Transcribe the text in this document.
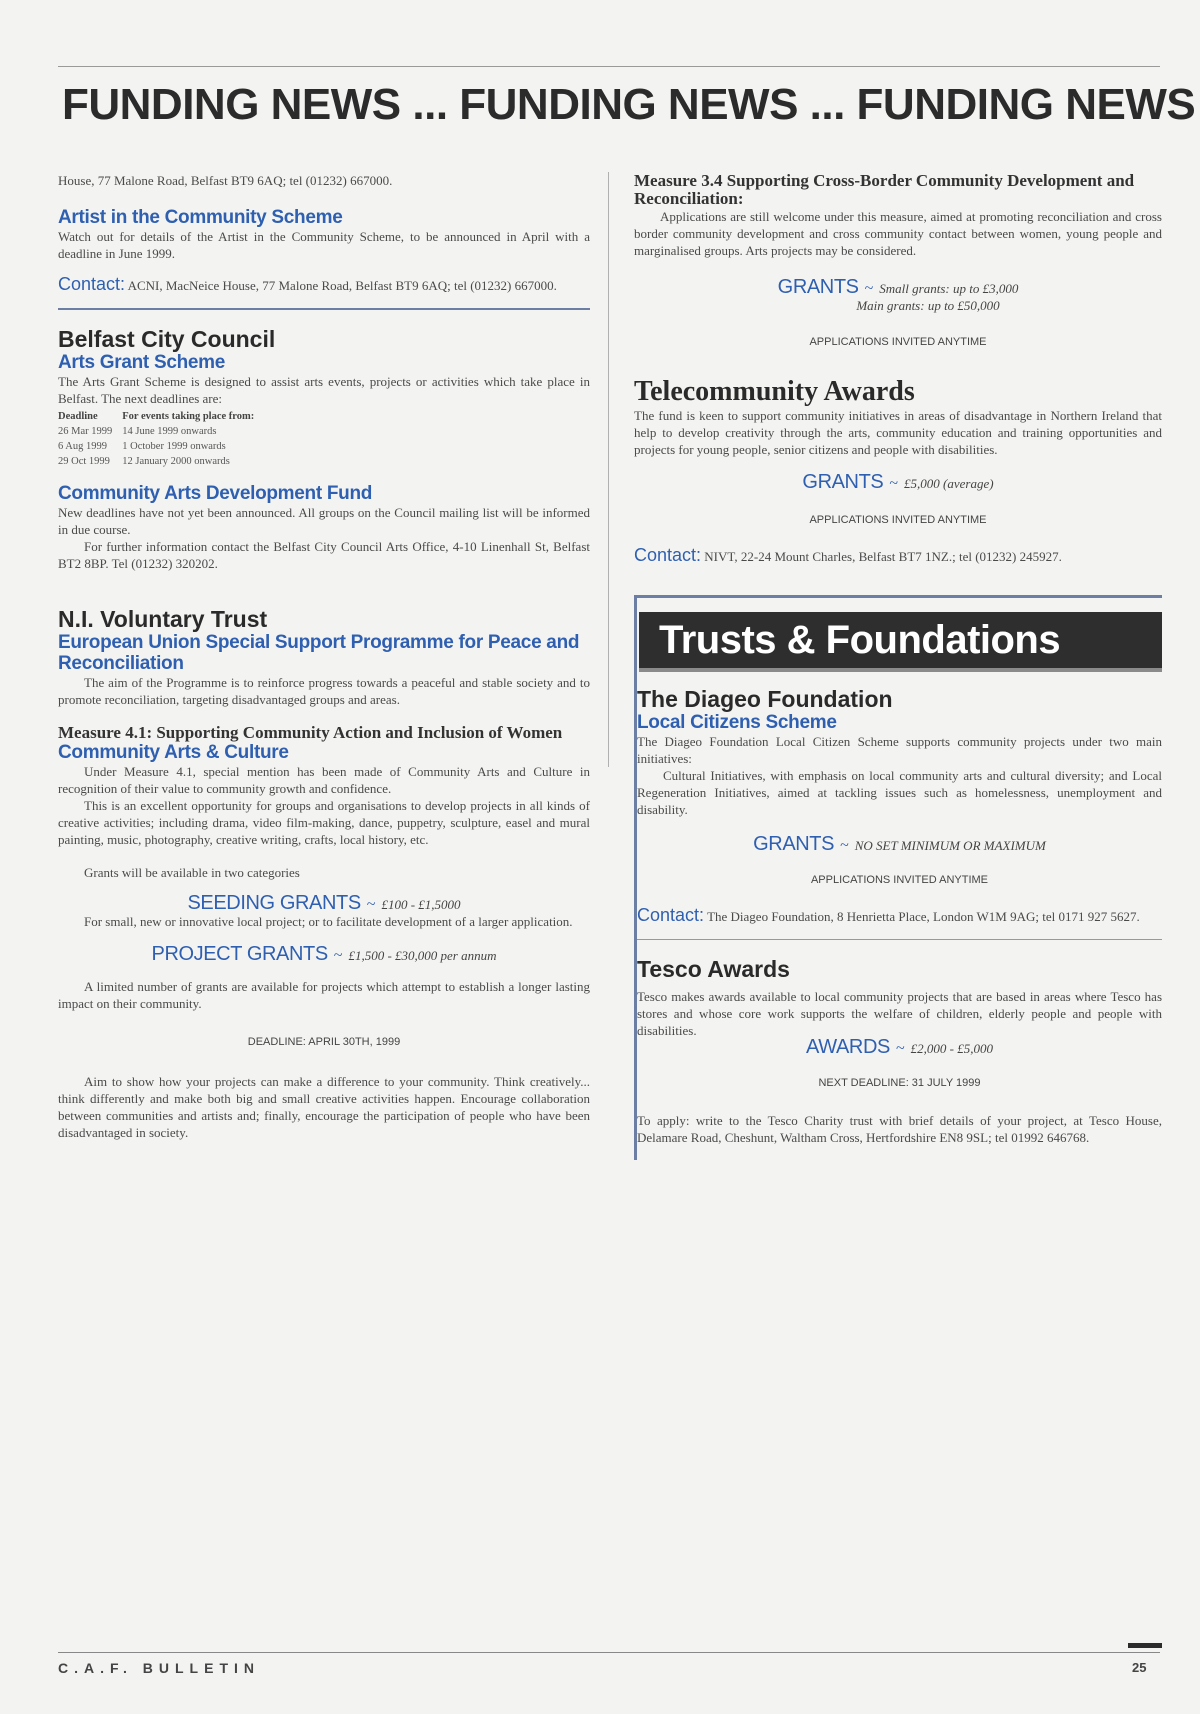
FUNDING NEWS ... FUNDING NEWS ... FUNDING NEWS

House, 77 Malone Road, Belfast BT9 6AQ; tel (01232) 667000.

Artist in the Community Scheme

Watch out for details of the Artist in the Community Scheme, to be announced in April with a deadline in June 1999.

Contact: ACNI, MacNeice House, 77 Malone Road, Belfast BT9 6AQ; tel (01232) 667000.

Belfast City Council
Arts Grant Scheme

The Arts Grant Scheme is designed to assist arts events, projects or activities which take place in Belfast. The next deadlines are:

Deadline	For events taking place from:
26 Mar 1999	14 June 1999 onwards
6 Aug 1999	1 October 1999 onwards
29 Oct 1999	12 January 2000 onwards
Community Arts Development Fund

New deadlines have not yet been announced. All groups on the Council mailing list will be informed in due course.

For further information contact the Belfast City Council Arts Office, 4-10 Linenhall St, Belfast BT2 8BP. Tel (01232) 320202.

N.I. Voluntary Trust
European Union Special Support Programme for Peace and Reconciliation

The aim of the Programme is to reinforce progress towards a peaceful and stable society and to promote reconciliation, targeting disadvantaged groups and areas.

Measure 4.1: Supporting Community Action and Inclusion of Women
Community Arts & Culture

Under Measure 4.1, special mention has been made of Community Arts and Culture in recognition of their value to community growth and confidence.

This is an excellent opportunity for groups and organisations to develop projects in all kinds of creative activities; including drama, video film-making, dance, puppetry, sculpture, easel and mural painting, music, photography, creative writing, crafts, local history, etc.

Grants will be available in two categories

SEEDING GRANTS ~ £100 - £1,5000

For small, new or innovative local project; or to facilitate development of a larger application.

PROJECT GRANTS ~ £1,500 - £30,000 per annum

A limited number of grants are available for projects which attempt to establish a longer lasting impact on their community.

DEADLINE: APRIL 30TH, 1999

Aim to show how your projects can make a difference to your community. Think creatively... think differently and make both big and small creative activities happen. Encourage collaboration between communities and artists and; finally, encourage the participation of people who have been disadvantaged in society.

Measure 3.4 Supporting Cross-Border Community Development and Reconciliation:

Applications are still welcome under this measure, aimed at promoting reconciliation and cross border community development and cross community contact between women, young people and marginalised groups. Arts projects may be considered.

GRANTS ~ Small grants: up to £3,000

Main grants: up to £50,000

APPLICATIONS INVITED ANYTIME

Telecommunity Awards

The fund is keen to support community initiatives in areas of disadvantage in Northern Ireland that help to develop creativity through the arts, community education and training opportunities and projects for young people, senior citizens and people with disabilities.

GRANTS ~ £5,000 (average)

APPLICATIONS INVITED ANYTIME

Contact: NIVT, 22-24 Mount Charles, Belfast BT7 1NZ.; tel (01232) 245927.

Trusts & Foundations
The Diageo Foundation
Local Citizens Scheme

The Diageo Foundation Local Citizen Scheme supports community projects under two main initiatives:

Cultural Initiatives, with emphasis on local community arts and cultural diversity; and Local Regeneration Initiatives, aimed at tackling issues such as homelessness, unemployment and disability.

GRANTS ~ NO SET MINIMUM OR MAXIMUM

APPLICATIONS INVITED ANYTIME

Contact: The Diageo Foundation, 8 Henrietta Place, London W1M 9AG; tel 0171 927 5627.

Tesco Awards

Tesco makes awards available to local community projects that are based in areas where Tesco has stores and whose core work supports the welfare of children, elderly people and people with disabilities.

AWARDS ~ £2,000 - £5,000

NEXT DEADLINE: 31 JULY 1999

To apply: write to the Tesco Charity trust with brief details of your project, at Tesco House, Delamare Road, Cheshunt, Waltham Cross, Hertfordshire EN8 9SL; tel 01992 646768.

C.A.F. BULLETIN	25
